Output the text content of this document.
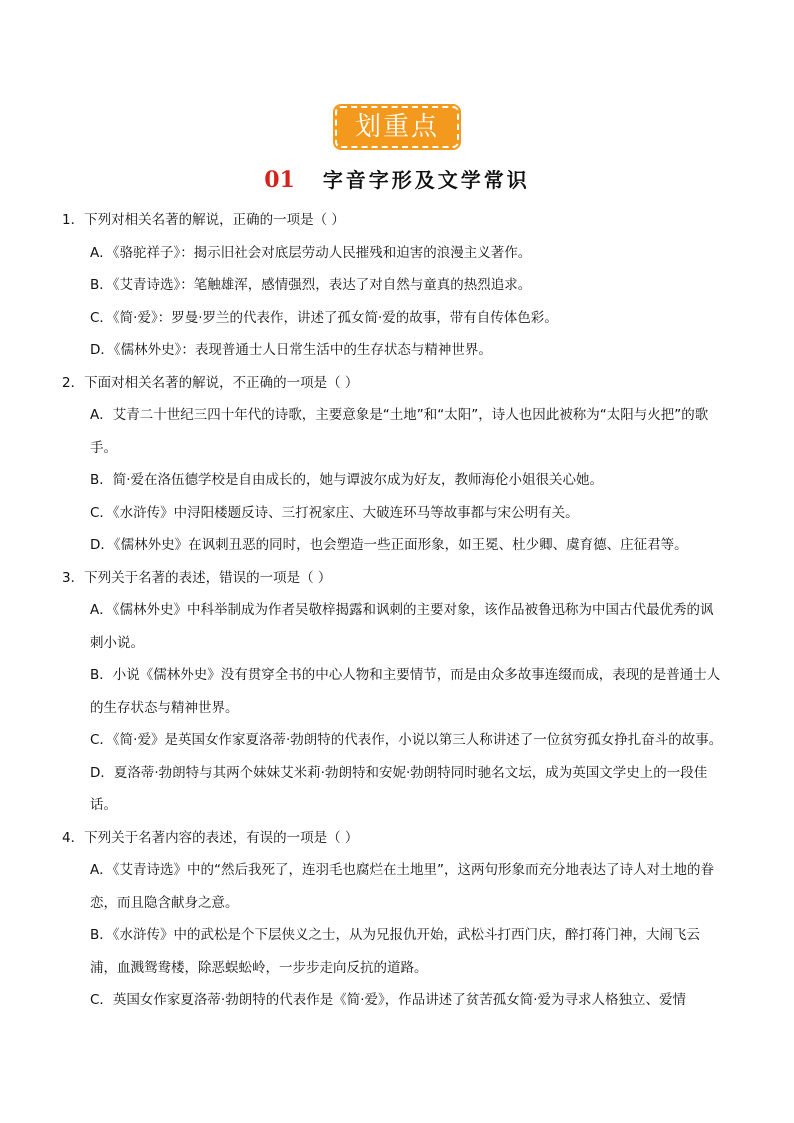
划重点
01 字音字形及文学常识

1．下列对相关名著的解说，正确的一项是（ ）

A．《骆驼祥子》：揭示旧社会对底层劳动人民摧残和迫害的浪漫主义著作。

B．《艾青诗选》：笔触雄浑，感情强烈，表达了对自然与童真的热烈追求。

C．《简·爱》：罗曼·罗兰的代表作，讲述了孤女简·爱的故事，带有自传体色彩。

D．《儒林外史》：表现普通士人日常生活中的生存状态与精神世界。

2．下面对相关名著的解说，不正确的一项是（ ）

A．艾青二十世纪三四十年代的诗歌，主要意象是“土地”和“太阳”，诗人也因此被称为“太阳与火把”的歌手。

B．简·爱在洛伍德学校是自由成长的，她与谭波尔成为好友，教师海伦小姐很关心她。

C．《水浒传》中浔阳楼题反诗、三打祝家庄、大破连环马等故事都与宋公明有关。

D．《儒林外史》在讽刺丑恶的同时，也会塑造一些正面形象，如王冕、杜少卿、虞育德、庄征君等。

3．下列关于名著的表述，错误的一项是（ ）

A．《儒林外史》中科举制成为作者吴敬梓揭露和讽刺的主要对象，该作品被鲁迅称为中国古代最优秀的讽刺小说。

B．小说《儒林外史》没有贯穿全书的中心人物和主要情节，而是由众多故事连缀而成，表现的是普通士人的生存状态与精神世界。

C．《简·爱》是英国女作家夏洛蒂·勃朗特的代表作，小说以第三人称讲述了一位贫穷孤女挣扎奋斗的故事。

D．夏洛蒂·勃朗特与其两个妹妹艾米莉·勃朗特和安妮·勃朗特同时驰名文坛，成为英国文学史上的一段佳话。

4．下列关于名著内容的表述，有误的一项是（ ）

A．《艾青诗选》中的“然后我死了，连羽毛也腐烂在土地里”，这两句形象而充分地表达了诗人对土地的眷恋，而且隐含献身之意。

B．《水浒传》中的武松是个下层侠义之士，从为兄报仇开始，武松斗打西门庆，醉打蒋门神，大闹飞云浦，血溅鸳鸯楼，除恶蜈蚣岭，一步步走向反抗的道路。

C．英国女作家夏洛蒂·勃朗特的代表作是《简·爱》，作品讲述了贫苦孤女简·爱为寻求人格独立、爱情
